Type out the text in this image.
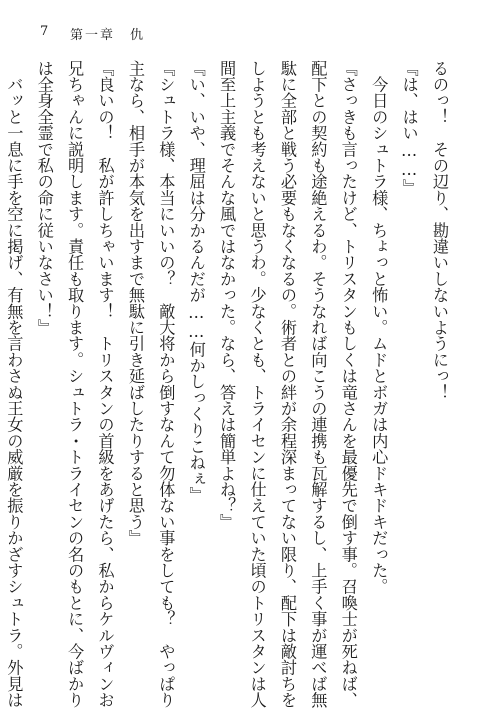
7 第一章　仇

るのっ！　その辺り、勘違いしないようにっ！

『は、はい……』

　今日のシュトラ様、ちょっと怖い。ムドとボガは内心ドキドキだった。

『さっきも言ったけど、トリスタンもしくは竜さんを最優先で倒す事。召喚士が死ねば、

配下との契約も途絶えるわ。そうなれば向こうの連携も瓦解するし、上手く事が運べば無

駄に全部と戦う必要もなくなるの。術者との絆が余程深まってない限り、配下は敵討ちを

しようとも考えないと思うわ。少なくとも、トライセンに仕えていた頃のトリスタンは人

間至上主義でそんな風ではなかった。なら、答えは簡単よね？』

『い、いや、理屈は分かるんだが……何かしっくりこねぇ』

『シュトラ様、本当にいいの？　敵大将から倒すなんて勿体ない事をしても？　やっぱり

主なら、相手が本気を出すまで無駄に引き延ばしたりすると思う』

『良いの！　私が許しちゃいます！　トリスタンの首級をあげたら、私からケルヴィンお

兄ちゃんに説明します。責任も取ります。シュトラ・トライセンの名のもとに、今ばかり

は全身全霊で私の命に従いなさい！』

　バッと一息に手を空に掲げ、有無を言わさぬ王女の威厳を振りかざすシュトラ。外見は
